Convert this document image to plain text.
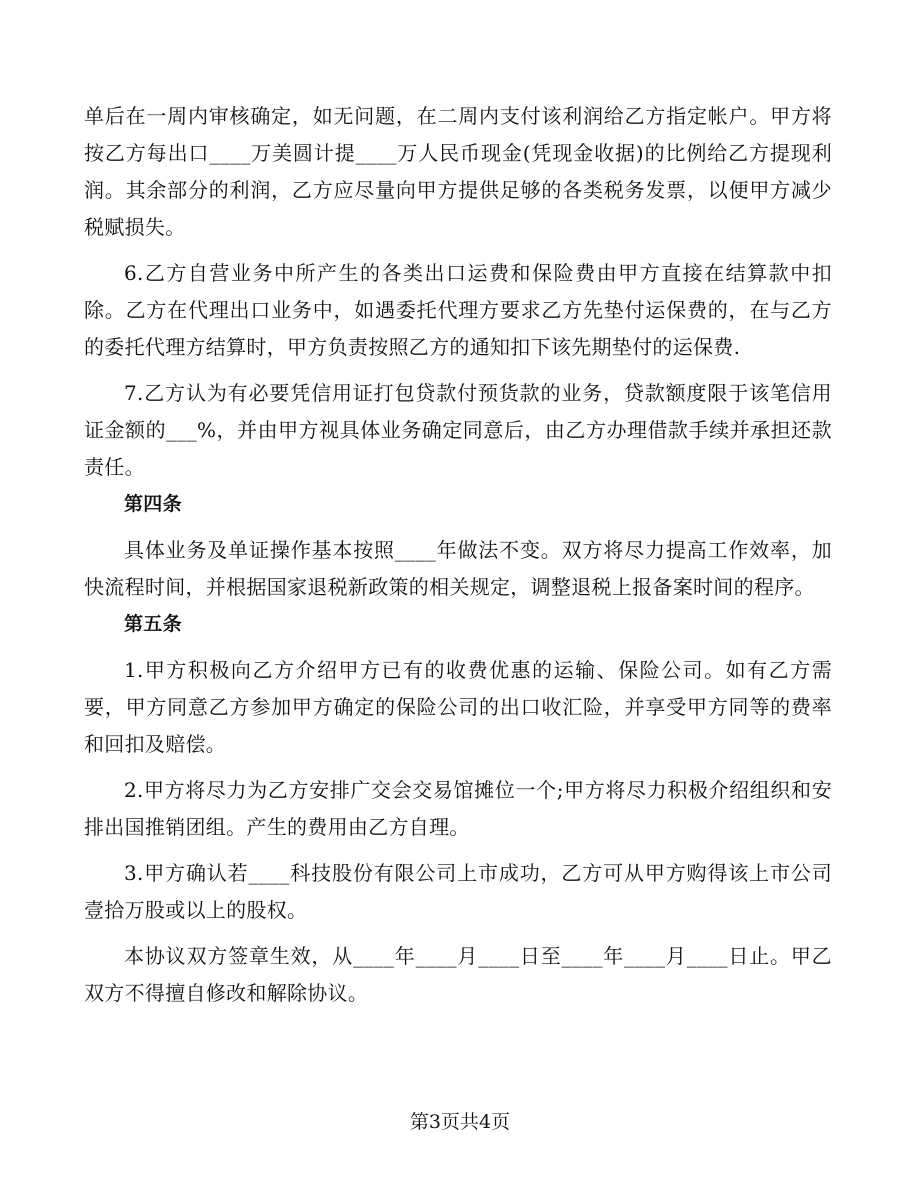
单后在一周内审核确定，如无问题，在二周内支付该利润给乙方指定帐户。甲方将按乙方每出口____万美圆计提____万人民币现金(凭现金收据)的比例给乙方提现利润。其余部分的利润，乙方应尽量向甲方提供足够的各类税务发票，以便甲方减少税赋损失。

6.乙方自营业务中所产生的各类出口运费和保险费由甲方直接在结算款中扣除。乙方在代理出口业务中，如遇委托代理方要求乙方先垫付运保费的，在与乙方的委托代理方结算时，甲方负责按照乙方的通知扣下该先期垫付的运保费.

7.乙方认为有必要凭信用证打包贷款付预货款的业务，贷款额度限于该笔信用证金额的___%，并由甲方视具体业务确定同意后，由乙方办理借款手续并承担还款责任。

第四条

具体业务及单证操作基本按照____年做法不变。双方将尽力提高工作效率，加快流程时间，并根据国家退税新政策的相关规定，调整退税上报备案时间的程序。

第五条

1.甲方积极向乙方介绍甲方已有的收费优惠的运输、保险公司。如有乙方需要，甲方同意乙方参加甲方确定的保险公司的出口收汇险，并享受甲方同等的费率和回扣及赔偿。

2.甲方将尽力为乙方安排广交会交易馆摊位一个;甲方将尽力积极介绍组织和安排出国推销团组。产生的费用由乙方自理。

3.甲方确认若____科技股份有限公司上市成功，乙方可从甲方购得该上市公司壹拾万股或以上的股权。

本协议双方签章生效，从____年____月____日至____年____月____日止。甲乙双方不得擅自修改和解除协议。

第3页共4页
